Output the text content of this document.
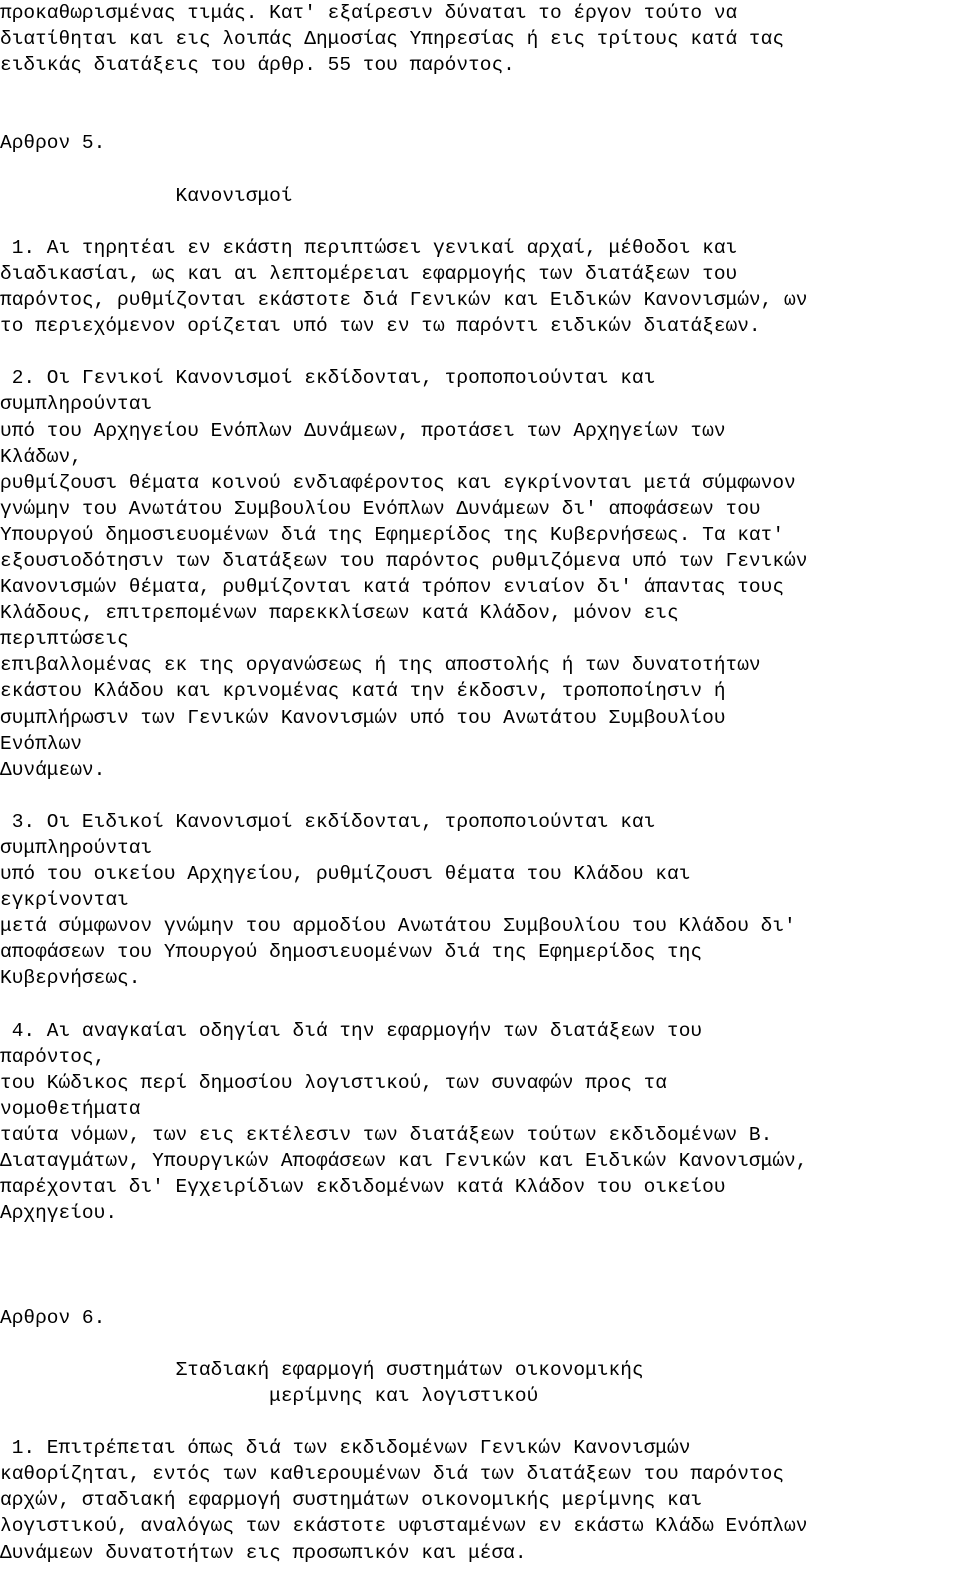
προκαθωρισμένας τιμάς. Κατ' εξαίρεσιν δύναται το έργον τούτο να
διατίθηται και εις λοιπάς Δημοσίας Υπηρεσίας ή εις τρίτους κατά τας
ειδικάς διατάξεις του άρθρ. 55 του παρόντος.
Αρθρον 5.
Κανονισμοί
1. Αι τηρητέαι εν εκάστη περιπτώσει γενικαί αρχαί, μέθοδοι και
διαδικασίαι, ως και αι λεπτομέρειαι εφαρμογής των διατάξεων του
παρόντος, ρυθμίζονται εκάστοτε διά Γενικών και Ειδικών Κανονισμών, ων
το περιεχόμενον ορίζεται υπό των εν τω παρόντι ειδικών διατάξεων.
2. Οι Γενικοί Κανονισμοί εκδίδονται, τροποποιούνται και
συμπληρούνται
υπό του Αρχηγείου Ενόπλων Δυνάμεων, προτάσει των Αρχηγείων των
Κλάδων,
ρυθμίζουσι θέματα κοινού ενδιαφέροντος και εγκρίνονται μετά σύμφωνον
γνώμην του Ανωτάτου Συμβουλίου Ενόπλων Δυνάμεων δι' αποφάσεων του
Υπουργού δημοσιευομένων διά της Εφημερίδος της Κυβερνήσεως. Τα κατ'
εξουσιοδότησιν των διατάξεων του παρόντος ρυθμιζόμενα υπό των Γενικών
Κανονισμών θέματα, ρυθμίζονται κατά τρόπον ενιαίον δι' άπαντας τους
Κλάδους, επιτρεπομένων παρεκκλίσεων κατά Κλάδον, μόνον εις
περιπτώσεις
επιβαλλομένας εκ της οργανώσεως ή της αποστολής ή των δυνατοτήτων
εκάστου Κλάδου και κρινομένας κατά την έκδοσιν, τροποποίησιν ή
συμπλήρωσιν των Γενικών Κανονισμών υπό του Ανωτάτου Συμβουλίου
Ενόπλων
Δυνάμεων.
3. Οι Ειδικοί Κανονισμοί εκδίδονται, τροποποιούνται και
συμπληρούνται
υπό του οικείου Αρχηγείου, ρυθμίζουσι θέματα του Κλάδου και
εγκρίνονται
μετά σύμφωνον γνώμην του αρμοδίου Ανωτάτου Συμβουλίου του Κλάδου δι'
αποφάσεων του Υπουργού δημοσιευομένων διά της Εφημερίδος της
Κυβερνήσεως.
4. Αι αναγκαίαι οδηγίαι διά την εφαρμογήν των διατάξεων του
παρόντος,
του Κώδικος περί δημοσίου λογιστικού, των συναφών προς τα
νομοθετήματα
ταύτα νόμων, των εις εκτέλεσιν των διατάξεων τούτων εκδιδομένων Β.
Διαταγμάτων, Υπουργικών Αποφάσεων και Γενικών και Ειδικών Κανονισμών,
παρέχονται δι' Εγχειρίδιων εκδιδομένων κατά Κλάδον του οικείου
Αρχηγείου.
Αρθρον 6.
Σταδιακή εφαρμογή συστημάτων οικονομικής
μερίμνης και λογιστικού
1. Επιτρέπεται όπως διά των εκδιδομένων Γενικών Κανονισμών
καθορίζηται, εντός των καθιερουμένων διά των διατάξεων του παρόντος
αρχών, σταδιακή εφαρμογή συστημάτων οικονομικής μερίμνης και
λογιστικού, αναλόγως των εκάστοτε υφισταμένων εν εκάστω Κλάδω Ενόπλων
Δυνάμεων δυνατοτήτων εις προσωπικόν και μέσα.
